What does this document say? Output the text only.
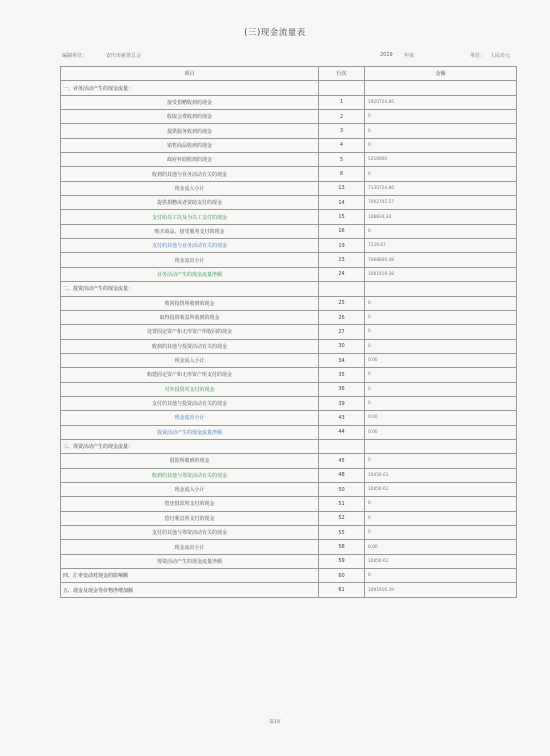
(三)现金流量表
编制单位：	安庆市慈善总会	2019 年度	单位： 人民币元
项目	行次	金额
一、业务活动产生的现金流量：		
接受捐赠收到的现金	1	1920724.86
收取会费收到的现金	2	0
提供服务收到的现金	3	0
销售商品收到的现金	4	0
政府补助收到的现金	5	5210000
收到的其他与业务活动有关的现金	8	0
现金流入小计	13	7130724.86
提供捐赠或者资助支付的现金	14	7002745.57
支付给员工以及为员工支付的现金	15	108834.34
购买商品、接受服务支付的现金	16	0
支付的其他与业务活动有关的现金	19	7226.67
现金流出小计	23	7068806.48
业务活动产生的现金流量净额	24	1081919.38
二、投资活动产生的现金流量：		
收回投资所收到的现金	25	0
取得投资收益所收到的现金	26	0
处置固定资产和无形资产所收回的现金	27	0
收到的其他与投资活动有关的现金	30	0
现金流入小计	34	0.00
购建固定资产和无形资产所支付的现金	35	0
对外投资所支付的现金	36	0
支付的其他与投资活动有关的现金	39	0
现金流出小计	43	0.00
投资活动产生的现金流量净额	44	0.00
三、筹资活动产生的现金流量：		
借款所收到的现金	45	0
收到的其他与筹资活动有关的现金	48	10456.61
现金流入小计	50	10456.61
偿还借款所支付的现金	51	0
偿付利息所支付的现金	52	0
支付的其他与筹资活动有关的现金	55	0
现金流出小计	58	0.00
筹资活动产生的现金流量净额	59	10456.61
四、汇率变动对现金的影响额	60	0
五、现金及现金等价物净增加额	61	1091916.39
第3页
